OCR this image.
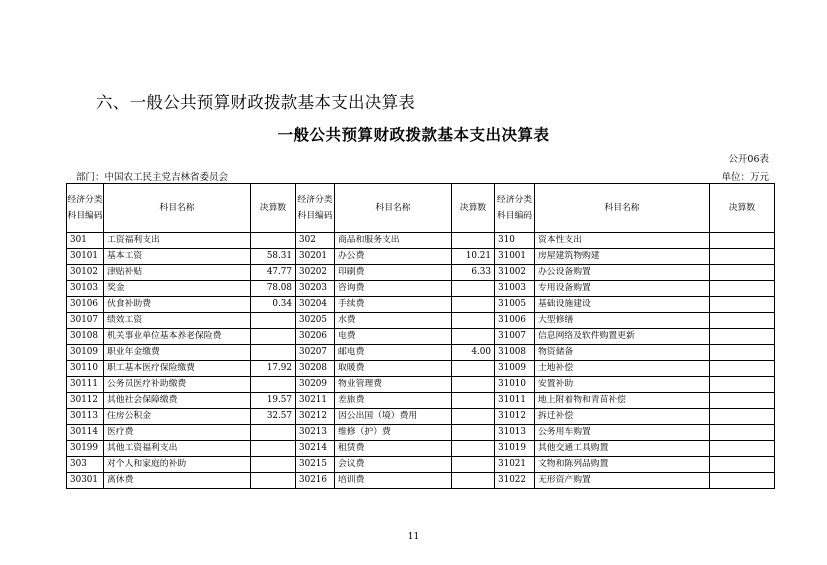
六、一般公共预算财政拨款基本支出决算表
一般公共预算财政拨款基本支出决算表
公开06表
部门：中国农工民主党吉林省委员会	单位：万元
经济分类科目编码	科目名称	决算数	经济分类科目编码	科目名称	决算数	经济分类科目编码	科目名称	决算数
301	工资福利支出		302	商品和服务支出		310	资本性支出	
30101	基本工资	58.31	30201	办公费	10.21	31001	房屋建筑物购建	
30102	津贴补贴	47.77	30202	印刷费	6.33	31002	办公设备购置	
30103	奖金	78.08	30203	咨询费		31003	专用设备购置	
30106	伙食补助费	0.34	30204	手续费		31005	基础设施建设	
30107	绩效工资		30205	水费		31006	大型修缮	
30108	机关事业单位基本养老保险费		30206	电费		31007	信息网络及软件购置更新	
30109	职业年金缴费		30207	邮电费	4.00	31008	物资储备	
30110	职工基本医疗保险缴费	17.92	30208	取暖费		31009	土地补偿	
30111	公务员医疗补助缴费		30209	物业管理费		31010	安置补助	
30112	其他社会保障缴费	19.57	30211	差旅费		31011	地上附着物和青苗补偿	
30113	住房公积金	32.57	30212	因公出国（境）费用		31012	拆迁补偿	
30114	医疗费		30213	维修（护）费		31013	公务用车购置	
30199	其他工资福利支出		30214	租赁费		31019	其他交通工具购置	
303	对个人和家庭的补助		30215	会议费		31021	文物和陈列品购置	
30301	离休费		30216	培训费		31022	无形资产购置	
11
